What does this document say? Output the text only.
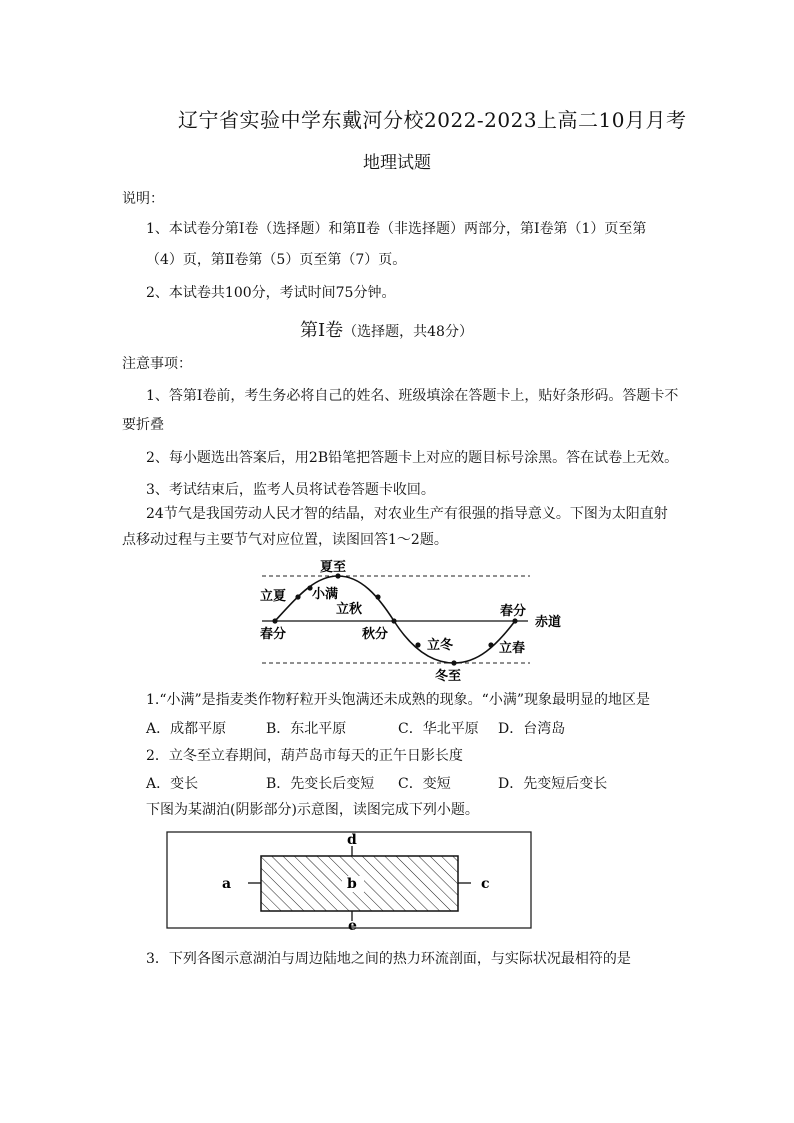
辽宁省实验中学东戴河分校2022-2023上高二10月月考
地理试题
说明：
1、本试卷分第Ⅰ卷（选择题）和第Ⅱ卷（非选择题）两部分，第Ⅰ卷第（1）页至第
（4）页，第Ⅱ卷第（5）页至第（7）页。
2、本试卷共100分，考试时间75分钟。
第Ⅰ卷（选择题，共48分）
注意事项：
1、答第Ⅰ卷前，考生务必将自己的姓名、班级填涂在答题卡上，贴好条形码。答题卡不
要折叠
2、每小题选出答案后，用2B铅笔把答题卡上对应的题目标号涂黑。答在试卷上无效。
3、考试结束后，监考人员将试卷答题卡收回。
24节气是我国劳动人民才智的结晶，对农业生产有很强的指导意义。下图为太阳直射
点移动过程与主要节气对应位置，读图回答1～2题。
夏至
立夏 小满
立秋
春分	秋分
立冬
冬至
春分
立春
赤道
1.“小满”是指麦类作物籽粒开头饱满还未成熟的现象。“小满”现象最明显的地区是
A．成都平原	B．东北平原	C．华北平原 D．台湾岛
2．立冬至立春期间，葫芦岛市每天的正午日影长度
A．变长	B．先变长后变短 C．变短	D．先变短后变长
下图为某湖泊(阴影部分)示意图，读图完成下列小题。
d
e
a	b	c
3．下列各图示意湖泊与周边陆地之间的热力环流剖面，与实际状况最相符的是
